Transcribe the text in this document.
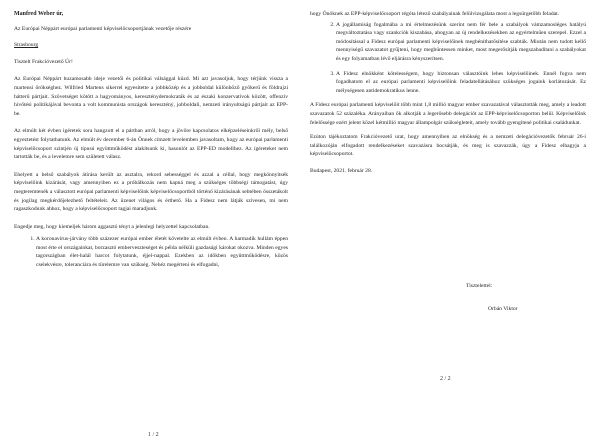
Manfred Weber úr,

Az Európai Néppárt európai parlamenti képviselőcsoportjának vezetője részére

Strasbourg

Tisztelt Frakcióvezető Úr!

Az Európai Néppárt huzamosabb ideje vezetői és politikai válsággal küzd. Mi azt javasoljuk, hogy térjünk vissza a martensi örökséghez. Wilfried Martens sikerrel egyesítette a jobbközép és a jobboldal különböző gyökerű és földrajzi hátterű pártjait. Szövetséget kötött a hagyományos, kereszténydemokraták és az északi konzervatívok között, offenzív hívőtési politikájával bevonta a volt kommunista országok kereszténý, jobboldali, nemzeti irányultságú pártjait az EPP-be.

Az elmúlt két évben igéretek sora hangzott el a pártban arról, hogy a jövőre kapcsolatos elképzeléseinkről mély, belső egyeztetést folytathatunk. Az elmúlt év december 6-án Önnek címzett levelemben javasoltam, hogy az európai parlamenti képviselőcsoport szintjén új típusú együttműködést alakítsunk ki, hasonlót az EPP-ED modellhez. Az ígéreteket nem tartották be, és a levelemre sem született válasz.

Ehelyett a belső szabályok átírása került az asztalra, rekord sebességgel és azzal a céllal, hogy megkönnyítsék képviselőink kizárását, vagy amennyiben ez a próbálkozás nem kapná meg a szükséges többségi támogatást, úgy megteremtenék a választott európai parlamenti képviselőink képviselőcsoportból történő kizárásának sebtében összetákolt és jogilag megkérdőjelezhető feltételeit. Az üzenet világos és érthető. Ha a Fidesz nem látják szívesen, mi nem ragaszkodunk ahhoz, hogy a képviselőcsoport tagjai maradjunk.

Engedje meg, hogy kiemeljek három aggasztó tényt a jelenlegi helyzettel kapcsolatban.

1. A koronavírus-járvány több százezer európai ember életét követelte az elmúlt évben. A harmadik hullám éppen most érte el országainkat, borzasztó emberveszteséget és példa nélküli gazdasági károkat okozva. Minden egyes tagországban élet-halál harcot folytatunk, éjjel-nappal. Ezekben az időkben együttműködésre, közös cselekvésre, toleranciára és türelemre van szükség. Nehéz megérteni és elfogadni,
1 / 2

hogy Önöknek az EPP-képviselőcsoport régóta létező szabályainak felülvizsgálata most a legsürgetőbb feladat.

2. A jogállamiság fogalmába a mi értelmezésünk szerint nem fér bele a szabályok vámzamosléges hatályú megváltoztatása vagy szankciók kiszabása, ahogyan az új rendelkezésekben az egyértelműen szerepel. Ezzel a módosítással a Fidesz európai parlamenti képviselőinek megbéníthatősítése szabták. Miután nem tudott kellő mennyiségű szavazatot gyűjteni, hogy megbüntessen minket, most megerősítják megszabadítani a szabályokat és egy folyamatban lévő eljárásra kényszerítsen.
3. A Fidesz elnökként kötelességem, hogy biztonsan választóink lehes képviselőinek. Ennél fogva nem fogadhatom el az európai parlamenti képviselőink feladatellátásához szükséges jogaink korlátozását. Ez mélységesen antidemokratikus lenne.

A Fidesz európai parlamenti képviselőit több mint 1,8 millió magyar ember szavazatával választották meg, amely a leadott szavazatok 52 százaléka. Arányaiban ők alkotják a legerősebb delegációt az EPP-képviselőcsoporton belül. Képviselőink felelőssége ezért jelent közel kétmillió magyar állampolgár szükségleteit, amely tovább gyengítené politikai családunkat.

Ezúton tájékoztatom Frakcióvezető urat, hogy amennyiben az elnökség és a nemzeti delegációvezetők február 26-i találkozóján elfogadott rendelkezéseket szavazásra bocsátják, és meg is szavazzák, úgy a Fidesz elhagyja a képviselőcsoportot.

Budapest, 2021. február 28.

Tisztelettel:
Orbán Viktor
2 / 2
